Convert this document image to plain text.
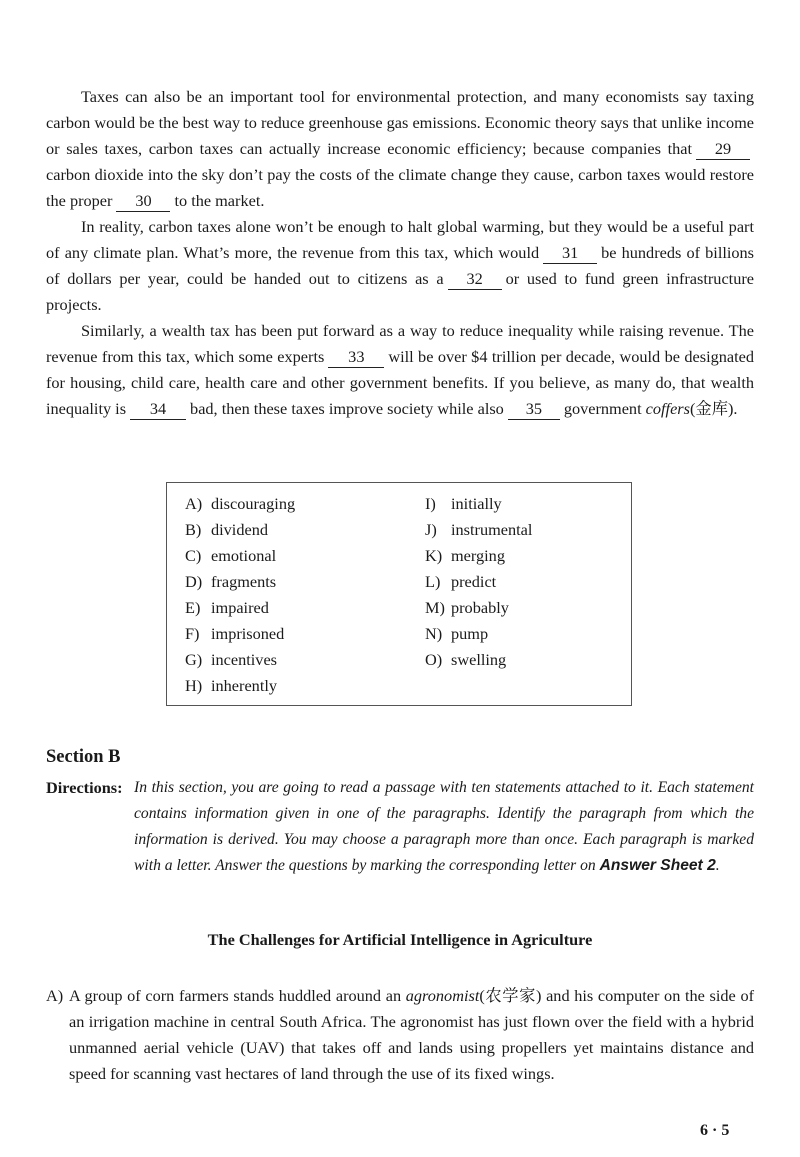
Taxes can also be an important tool for environmental protection, and many economists say taxing carbon would be the best way to reduce greenhouse gas emissions. Economic theory says that unlike income or sales taxes, carbon taxes can actually increase economic efficiency; because companies that 29carbon dioxide into the sky don’t pay the costs of the climate change they cause, carbon taxes would restore the proper 30 to the market.

In reality, carbon taxes alone won’t be enough to halt global warming, but they would be a useful part of any climate plan. What’s more, the revenue from this tax, which would 31 be hundreds of billions of dollars per year, could be handed out to citizens as a 32 or used to fund green infrastructure projects.

Similarly, a wealth tax has been put forward as a way to reduce inequality while raising revenue. The revenue from this tax, which some experts 33 will be over $4 trillion per decade, would be designated for housing, child care, health care and other government benefits. If you believe, as many do, that wealth inequality is 34 bad, then these taxes improve society while also 35 government coffers(金库).

A) discouraging
B) dividend
C) emotional
D) fragments
E) impaired
F) imprisoned
G) incentives
H) inherently
I) initially
J) instrumental
K) merging
L) predict
M) probably
N) pump
O) swelling
Section B
Directions: In this section, you are going to read a passage with ten statements attached to it. Each statement contains information given in one of the paragraphs. Identify the paragraph from which the information is derived. You may choose a paragraph more than once. Each paragraph is marked with a letter. Answer the questions by marking the corresponding letter on Answer Sheet 2.
The Challenges for Artificial Intelligence in Agriculture
A) A group of corn farmers stands huddled around an agronomist(农学家) and his computer on the side of an irrigation machine in central South Africa. The agronomist has just flown over the field with a hybrid unmanned aerial vehicle (UAV) that takes off and lands using propellers yet maintains distance and speed for scanning vast hectares of land through the use of its fixed wings.

6 · 5
